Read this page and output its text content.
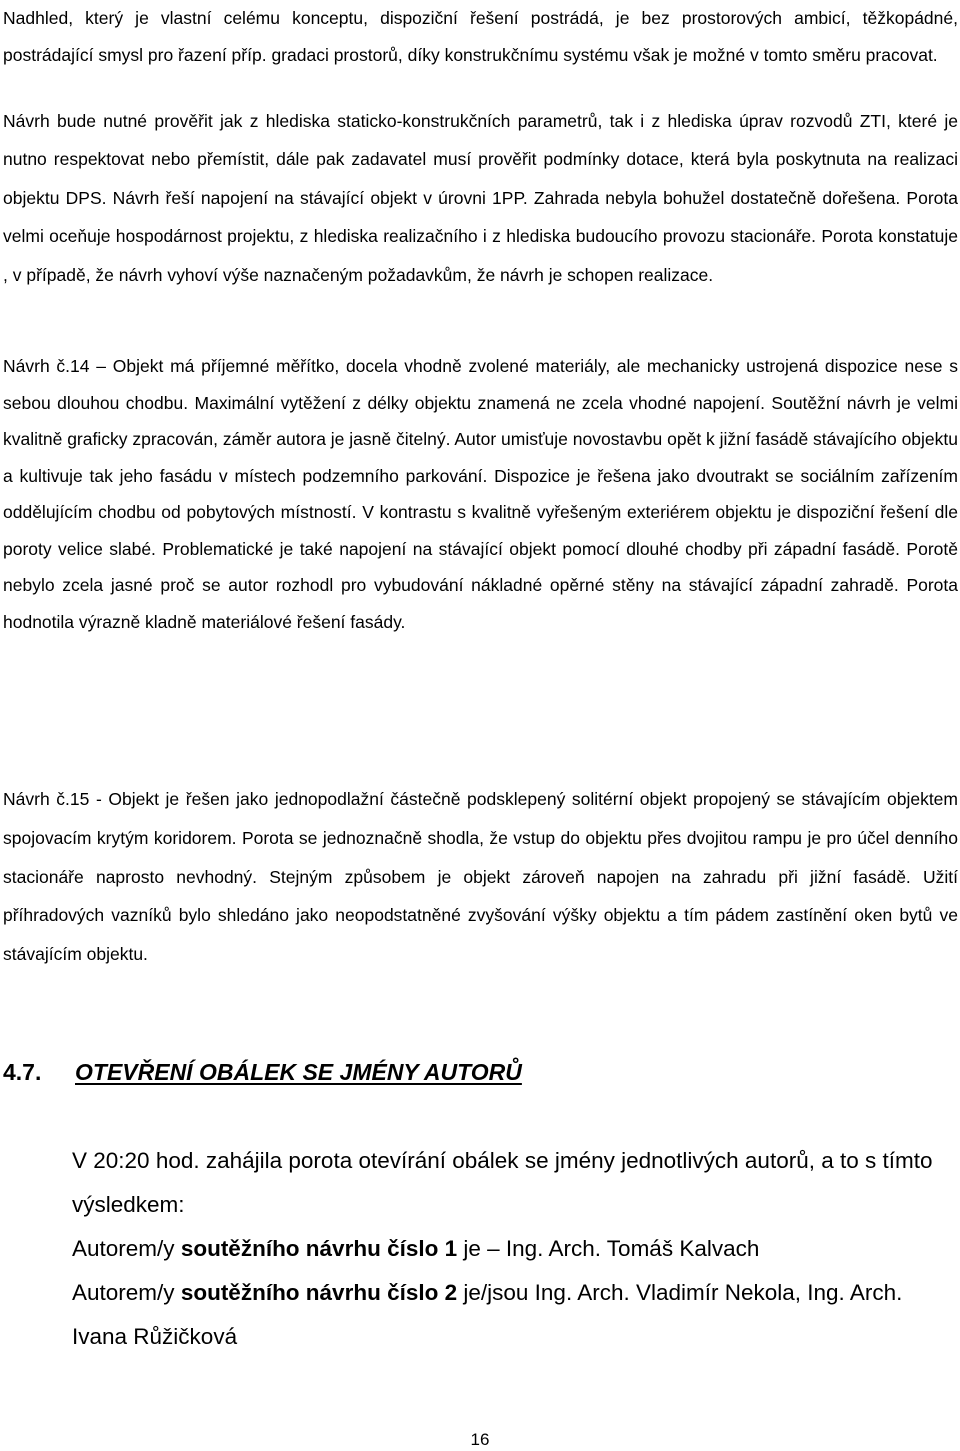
Nadhled, který je vlastní celému konceptu, dispoziční řešení postrádá, je bez prostorových ambicí, těžkopádné, postrádající smysl pro řazení příp. gradaci prostorů, díky konstrukčnímu systému však je možné v tomto směru pracovat.

Návrh bude nutné prověřit jak z hlediska staticko-konstrukčních parametrů, tak i z hlediska úprav rozvodů ZTI, které je nutno respektovat nebo přemístit, dále pak zadavatel musí prověřit podmínky dotace, která byla poskytnuta na realizaci objektu DPS. Návrh řeší napojení na stávající objekt v úrovni 1PP. Zahrada nebyla bohužel dostatečně dořešena. Porota velmi oceňuje hospodárnost projektu, z hlediska realizačního i z hlediska budoucího provozu stacionáře. Porota konstatuje , v případě, že návrh vyhoví výše naznačeným požadavkům, že návrh je schopen realizace.

Návrh č.14 – Objekt má příjemné měřítko, docela vhodně zvolené materiály, ale mechanicky ustrojená dispozice nese s sebou dlouhou chodbu. Maximální vytěžení z délky objektu znamená ne zcela vhodné napojení. Soutěžní návrh je velmi kvalitně graficky zpracován, záměr autora je jasně čitelný. Autor umisťuje novostavbu opět k jižní fasádě stávajícího objektu a kultivuje tak jeho fasádu v místech podzemního parkování. Dispozice je řešena jako dvoutrakt se sociálním zařízením oddělujícím chodbu od pobytových místností. V kontrastu s kvalitně vyřešeným exteriérem objektu je dispoziční řešení dle poroty velice slabé. Problematické je také napojení na stávající objekt pomocí dlouhé chodby při západní fasádě. Porotě nebylo zcela jasné proč se autor rozhodl pro vybudování nákladné opěrné stěny na stávající západní zahradě. Porota hodnotila výrazně kladně materiálové řešení fasády.

Návrh č.15 - Objekt je řešen jako jednopodlažní částečně podsklepený solitérní objekt propojený se stávajícím objektem spojovacím krytým koridorem. Porota se jednoznačně shodla, že vstup do objektu přes dvojitou rampu je pro účel denního stacionáře naprosto nevhodný. Stejným způsobem je objekt zároveň napojen na zahradu při jižní fasádě. Užití příhradových vazníků bylo shledáno jako neopodstatněné zvyšování výšky objektu a tím pádem zastínění oken bytů ve stávajícím objektu.

4.7. OTEVŘENÍ OBÁLEK SE JMÉNY AUTORŮ

V 20:20 hod. zahájila porota otevírání obálek se jmény jednotlivých autorů, a to s tímto výsledkem:

Autorem/y soutěžního návrhu číslo 1 je – Ing. Arch. Tomáš Kalvach

Autorem/y soutěžního návrhu číslo 2 je/jsou Ing. Arch. Vladimír Nekola, Ing. Arch. Ivana Růžičková

16
